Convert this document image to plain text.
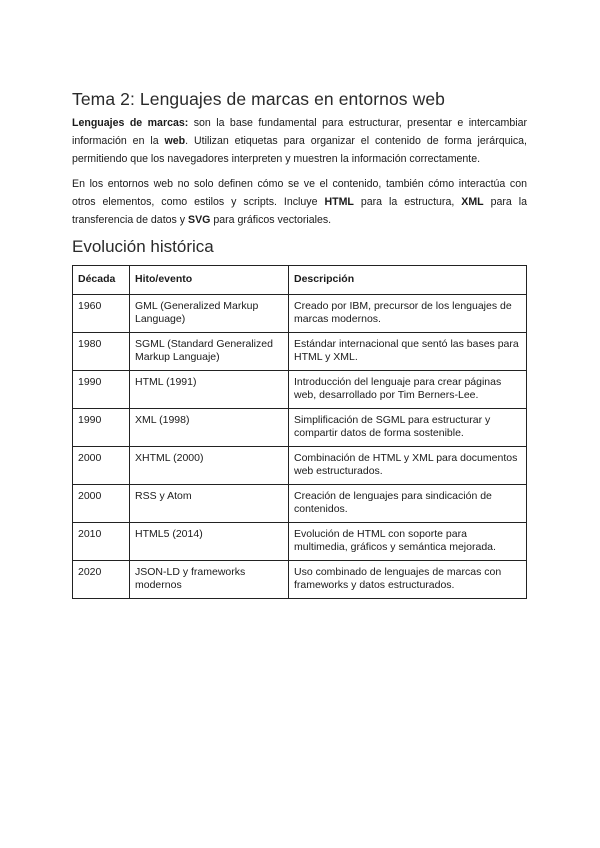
Tema 2: Lenguajes de marcas en entornos web

Lenguajes de marcas: son la base fundamental para estructurar, presentar e intercambiar información en la web. Utilizan etiquetas para organizar el contenido de forma jerárquica, permitiendo que los navegadores interpreten y muestren la información correctamente.

En los entornos web no solo definen cómo se ve el contenido, también cómo interactúa con otros elementos, como estilos y scripts. Incluye HTML para la estructura, XML para la transferencia de datos y SVG para gráficos vectoriales.

Evolución histórica
Década	Hito/evento	Descripción
1960	GML (Generalized Markup Language)	Creado por IBM, precursor de los lenguajes de marcas modernos.
1980	SGML (Standard Generalized Markup Languaje)	Estándar internacional que sentó las bases para HTML y XML.
1990	HTML (1991)	Introducción del lenguaje para crear páginas web, desarrollado por Tim Berners-Lee.
1990	XML (1998)	Simplificación de SGML para estructurar y compartir datos de forma sostenible.
2000	XHTML (2000)	Combinación de HTML y XML para documentos web estructurados.
2000	RSS y Atom	Creación de lenguajes para sindicación de contenidos.
2010	HTML5 (2014)	Evolución de HTML con soporte para multimedia, gráficos y semántica mejorada.
2020	JSON-LD y frameworks modernos	Uso combinado de lenguajes de marcas con frameworks y datos estructurados.
